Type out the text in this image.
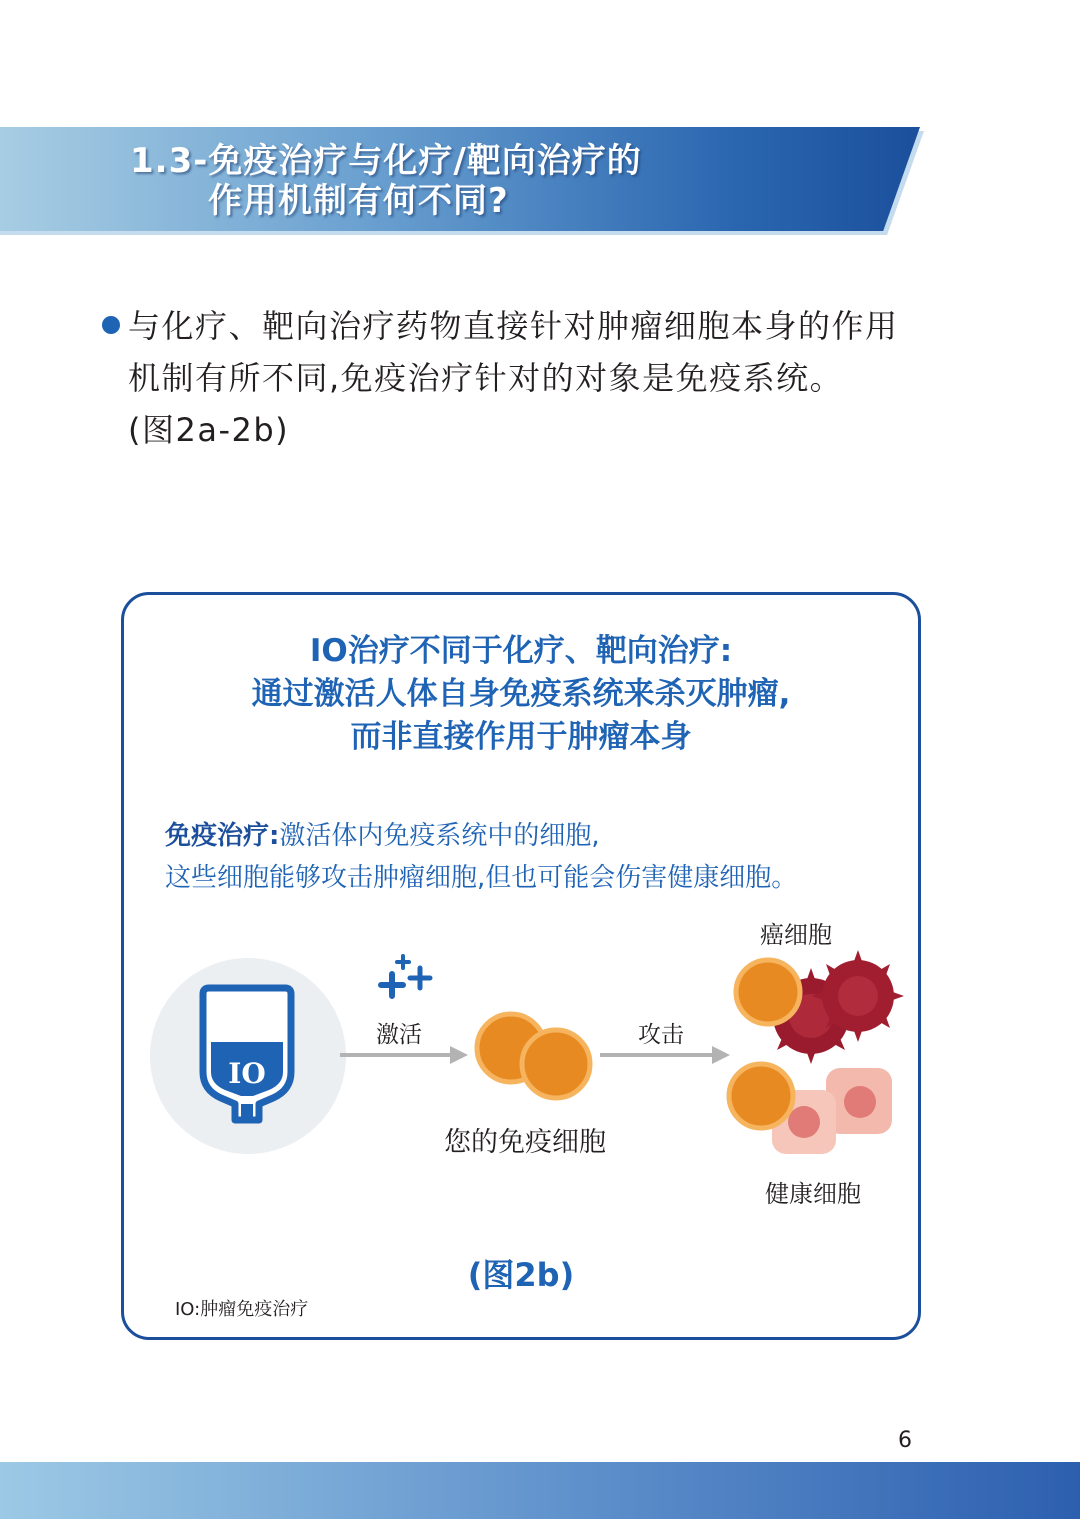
1.3-免疫治疗与化疗/靶向治疗的
作用机制有何不同?
与化疗、靶向治疗药物直接针对肿瘤细胞本身的作用
机制有所不同,免疫治疗针对的对象是免疫系统。
(图2a-2b)
IO治疗不同于化疗、靶向治疗:
通过激活人体自身免疫系统来杀灭肿瘤,
而非直接作用于肿瘤本身
免疫治疗:激活体内免疫系统中的细胞,
这些细胞能够攻击肿瘤细胞,但也可能会伤害健康细胞。
IO
激活	攻击
癌细胞
您的免疫细胞
健康细胞
(图2b)
IO:肿瘤免疫治疗
6
